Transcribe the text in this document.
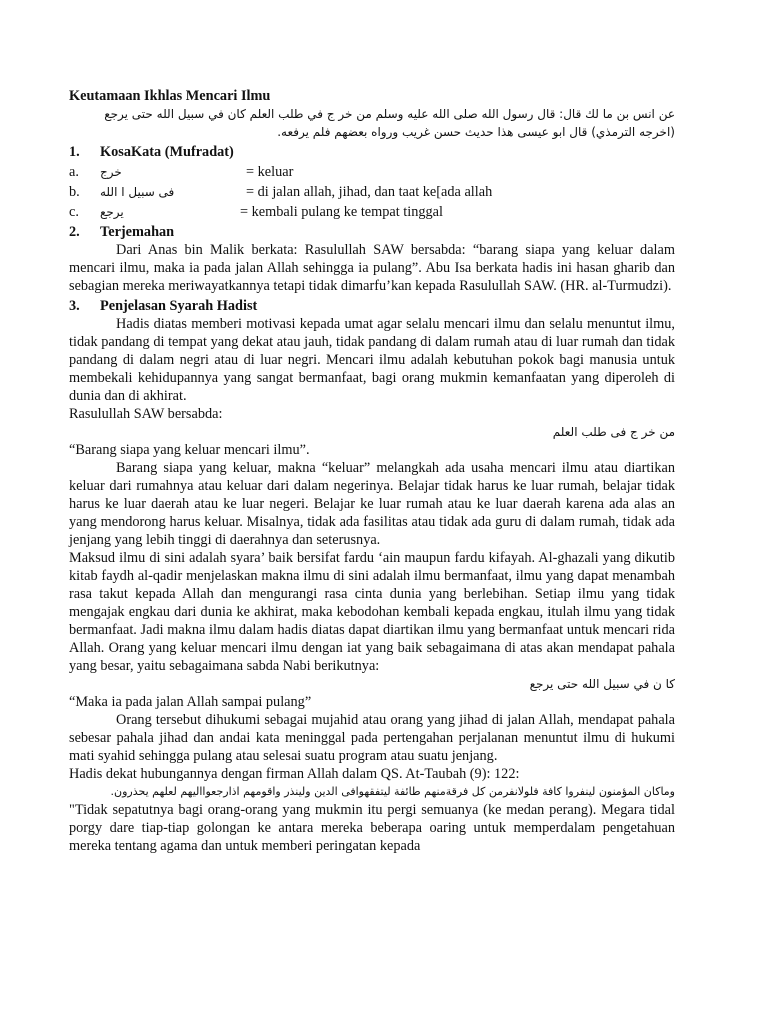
Keutamaan Ikhlas Mencari Ilmu

عن انس بن ما لك قال: قال رسول الله صلى الله عليه وسلم من خر ج في طلب العلم كان في سبيل الله حتى يرجع (اخرجه الترمذي) قال ابو عيسى هذا حديث حسن غريب ورواه بعضهم فلم يرفعه.
1.	KosaKata (Mufradat)
a.	خرج	= keluar
b.	فى سبيل ا الله	= di jalan allah, jihad, dan taat ke[ada allah
c.	يرجع	= kembali pulang ke tempat tinggal
2.	Terjemahan

Dari Anas bin Malik berkata: Rasulullah SAW bersabda: “barang siapa yang keluar dalam mencari ilmu, maka ia pada jalan Allah sehingga ia pulang”. Abu Isa berkata hadis ini hasan gharib dan sebagian mereka meriwayatkannya tetapi tidak dimarfu’kan kepada Rasulullah SAW. (HR. al-Turmudzi).

3.	Penjelasan Syarah Hadist

Hadis diatas memberi motivasi kepada umat agar selalu mencari ilmu dan selalu menuntut ilmu, tidak pandang di tempat yang dekat atau jauh, tidak pandang di dalam rumah atau di luar rumah dan tidak pandang di dalam negri atau di luar negri. Mencari ilmu adalah kebutuhan pokok bagi manusia untuk membekali kehidupannya yang sangat bermanfaat, bagi orang mukmin kemanfaatan yang diperoleh di dunia dan di akhirat.

Rasulullah SAW bersabda:

من خر ج فى طلب العلم

“Barang siapa yang keluar mencari ilmu”.

Barang siapa yang keluar, makna “keluar” melangkah ada usaha mencari ilmu atau diartikan keluar dari rumahnya atau keluar dari dalam negerinya. Belajar tidak harus ke luar rumah, belajar tidak harus ke luar daerah atau ke luar negeri. Belajar ke luar rumah atau ke luar daerah karena ada alas an yang mendorong harus keluar. Misalnya, tidak ada fasilitas atau tidak ada guru di dalam rumah, tidak ada jenjang yang lebih tinggi di daerahnya dan seterusnya.

Maksud ilmu di sini adalah syara’ baik bersifat fardu ‘ain maupun fardu kifayah. Al-ghazali yang dikutib kitab faydh al-qadir menjelaskan makna ilmu di sini adalah ilmu bermanfaat, ilmu yang dapat menambah rasa takut kepada Allah dan mengurangi rasa cinta dunia yang berlebihan. Setiap ilmu yang tidak mengajak engkau dari dunia ke akhirat, maka kebodohan kembali kepada engkau, itulah ilmu yang tidak bermanfaat. Jadi makna ilmu dalam hadis diatas dapat diartikan ilmu yang bermanfaat untuk mencari rida Allah. Orang yang keluar mencari ilmu dengan iat yang baik sebagaimana di atas akan mendapat pahala yang besar, yaitu sebagaimana sabda Nabi berikutnya:

كا ن في سبيل الله حتى يرجع

“Maka ia pada jalan Allah sampai pulang”

Orang tersebut dihukumi sebagai mujahid atau orang yang jihad di jalan Allah, mendapat pahala sebesar pahala jihad dan andai kata meninggal pada pertengahan perjalanan menuntut ilmu di hukumi mati syahid sehingga pulang atau selesai suatu program atau suatu jenjang.

Hadis dekat hubungannya dengan firman Allah dalam QS. At-Taubah (9): 122:

وماكان المؤمنون لينفروا كافة فلولانفرمن كل فرقةمنهم طائفة ليتفقهوافى الدين ولينذر واقومهم اذارجعوااليهم لعلهم يحذرون.

"Tidak sepatutnya bagi orang-orang yang mukmin itu pergi semuanya (ke medan perang). Megara tidal porgy dare tiap-tiap golongan ke antara mereka beberapa oaring untuk memperdalam pengetahuan mereka tentang agama dan untuk memberi peringatan kepada
